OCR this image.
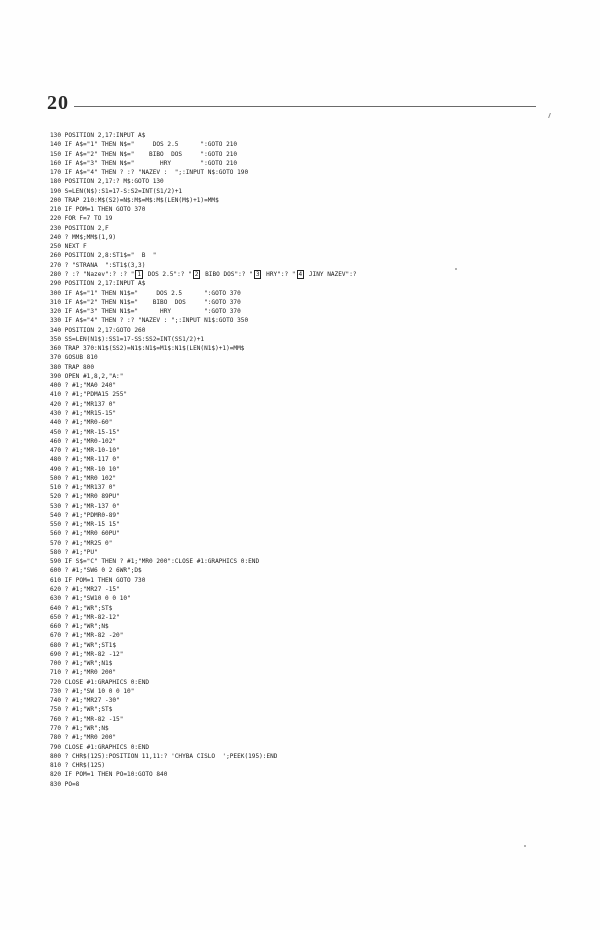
20
130 POSITION 2,17:INPUT A$
140 IF A$="1" THEN N$="     DOS 2.5      ":GOTO 210
150 IF A$="2" THEN N$="    BIBO  DOS     ":GOTO 210
160 IF A$="3" THEN N$="       HRY        ":GOTO 210
170 IF A$="4" THEN ? :? "NAZEV :  ";:INPUT N$:GOTO 190
180 POSITION 2,17:? M$:GOTO 130
190 S=LEN(N$):S1=17-S:S2=INT(S1/2)+1
200 TRAP 210:M$(S2)=N$:M$=M$:M$(LEN(M$)+1)=MM$
210 IF POM=1 THEN GOTO 370
220 FOR F=7 TO 19
230 POSITION 2,F
240 ? MM$;MM$(1,9)
250 NEXT F
260 POSITION 2,8:ST1$="  B  "
270 ? "STRANA  ":ST1$(3,3)
280 ? :? "Nazev":? :? " 1 DOS 2.5":? " 2 BIBO DOS":? " 3 HRY":? " 4 JINY NAZEV":?
290 POSITION 2,17:INPUT A$
300 IF A$="1" THEN N1$="     DOS 2.5      ":GOTO 370
310 IF A$="2" THEN N1$="    BIBO  DOS     ":GOTO 370
320 IF A$="3" THEN N1$="      HRY         ":GOTO 370
330 IF A$="4" THEN ? :? "NAZEV : ";:INPUT N1$:GOTO 350
340 POSITION 2,17:GOTO 260
350 SS=LEN(N1$):SS1=17-SS:SS2=INT(SS1/2)+1
360 TRAP 370:N1$(SS2)=N1$:N1$=M1$:N1$(LEN(N1$)+1)=MM$
370 GOSUB 810
380 TRAP 800
390 OPEN #1,8,2,"A:"
400 ? #1;"MA0 240"
410 ? #1;"PDMA15 255"
420 ? #1;"MR137 0"
430 ? #1;"MR15-15"
440 ? #1;"MR0-60"
450 ? #1;"MR-15-15"
460 ? #1;"MR0-102"
470 ? #1;"MR-10-10"
480 ? #1;"MR-117 0"
490 ? #1;"MR-10 10"
500 ? #1;"MR0 102"
510 ? #1;"MR137 0"
520 ? #1;"MR0 89PU"
530 ? #1;"MR-137 0"
540 ? #1;"PDMR0-89"
550 ? #1;"MR-15 15"
560 ? #1;"MR0 60PU"
570 ? #1;"MR25 0"
580 ? #1;"PU"
590 IF S$="C" THEN ? #1;"MR0 200":CLOSE #1:GRAPHICS 0:END
600 ? #1;"SW6 0 2 6WR";D$
610 IF POM=1 THEN GOTO 730
620 ? #1;"MR27 -15"
630 ? #1;"SW10 0 0 10"
640 ? #1;"WR";ST$
650 ? #1;"MR-82-12"
660 ? #1;"WR";N$
670 ? #1;"MR-82 -20"
680 ? #1;"WR";ST1$
690 ? #1;"MR-82 -12"
700 ? #1;"WR";N1$
710 ? #1;"MR0 200"
720 CLOSE #1:GRAPHICS 0:END
730 ? #1;"SW 10 0 0 10"
740 ? #1;"MR27 -30"
750 ? #1;"WR";ST$
760 ? #1;"MR-82 -15"
770 ? #1;"WR";N$
780 ? #1;"MR0 200"
790 CLOSE #1:GRAPHICS 0:END
800 ? CHR$(125):POSITION 11,11:? 'CHYBA CISLO  ';PEEK(195):END
810 ? CHR$(125)
820 IF POM=1 THEN PO=10:GOTO 840
830 PO=8
